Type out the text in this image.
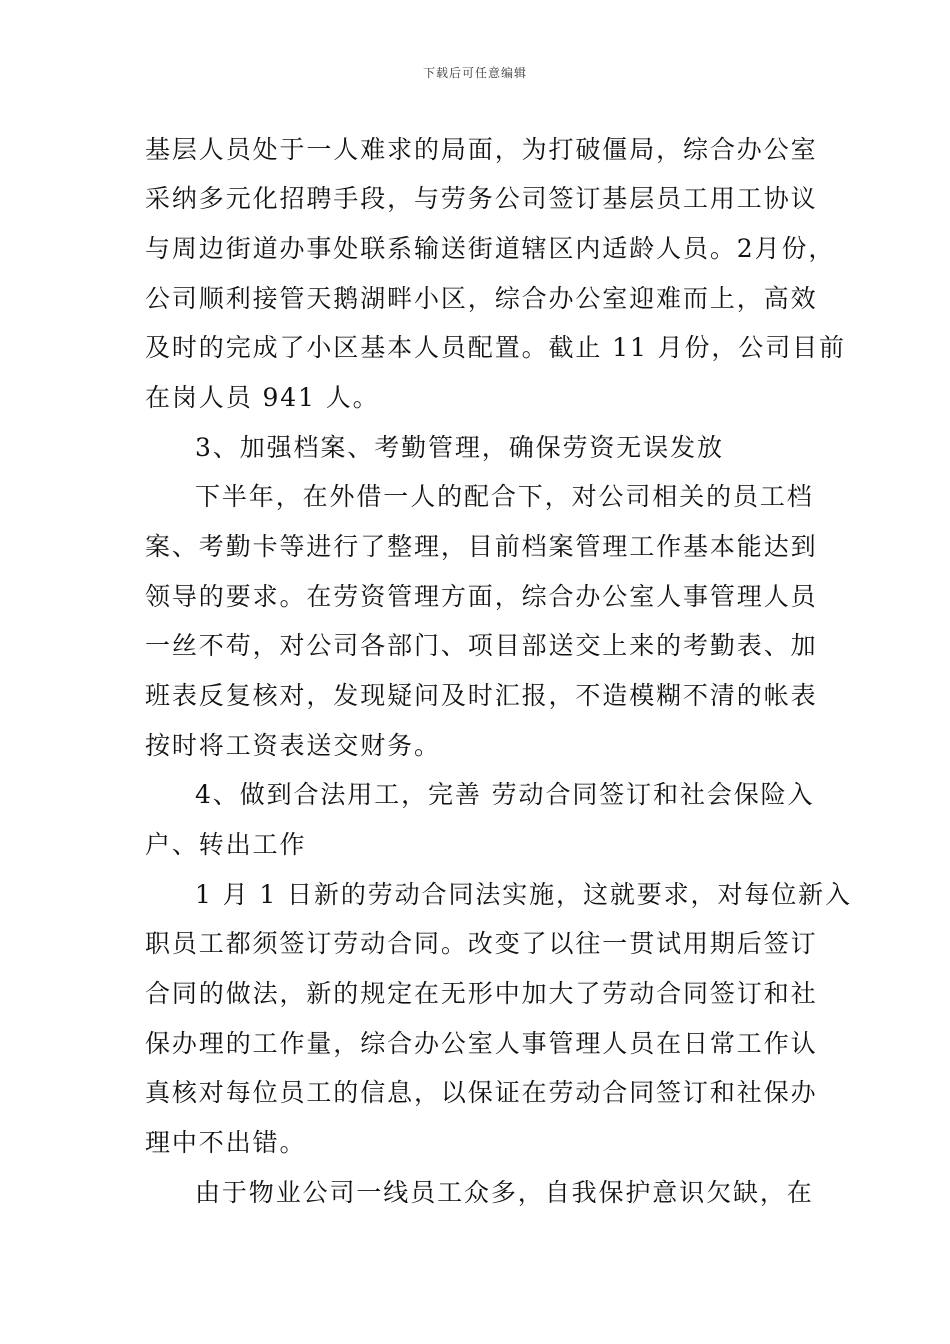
下载后可任意编辑
基层人员处于一人难求的局面，为打破僵局，综合办公室
采纳多元化招聘手段，与劳务公司签订基层员工用工协议
与周边街道办事处联系输送街道辖区内适龄人员。2月份，
公司顺利接管天鹅湖畔小区，综合办公室迎难而上，高效
及时的完成了小区基本人员配置。截止 11 月份，公司目前
在岗人员 941 人。
3、加强档案、考勤管理，确保劳资无误发放
下半年，在外借一人的配合下，对公司相关的员工档
案、考勤卡等进行了整理，目前档案管理工作基本能达到
领导的要求。在劳资管理方面，综合办公室人事管理人员
一丝不苟，对公司各部门、项目部送交上来的考勤表、加
班表反复核对，发现疑问及时汇报，不造模糊不清的帐表
按时将工资表送交财务。
4、做到合法用工，完善 劳动合同签订和社会保险入
户、转出工作
1 月 1 日新的劳动合同法实施，这就要求，对每位新入
职员工都须签订劳动合同。改变了以往一贯试用期后签订
合同的做法，新的规定在无形中加大了劳动合同签订和社
保办理的工作量，综合办公室人事管理人员在日常工作认
真核对每位员工的信息，以保证在劳动合同签订和社保办
理中不出错。
由于物业公司一线员工众多，自我保护意识欠缺，在
